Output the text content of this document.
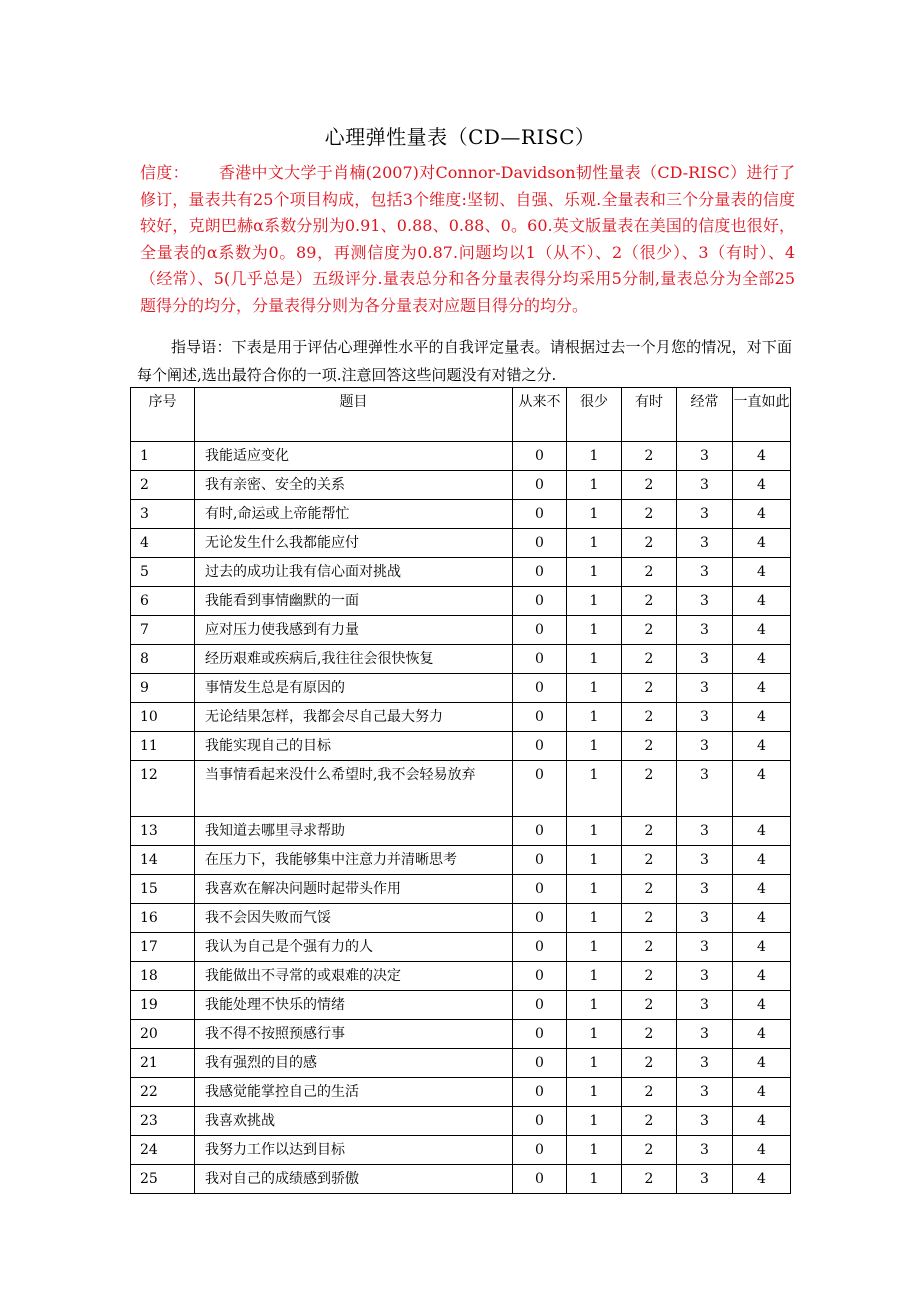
心理弹性量表（CD—RISC）

信度： 香港中文大学于肖楠(2007)对Connor-Davidson韧性量表（CD-RISC）进行了修订，量表共有25个项目构成，包括3个维度:坚韧、自强、乐观.全量表和三个分量表的信度较好，克朗巴赫α系数分别为0.91、0.88、0.88、0。60.英文版量表在美国的信度也很好，全量表的α系数为0。89，再测信度为0.87.问题均以1（从不）、2（很少）、3（有时）、4（经常）、5(几乎总是）五级评分.量表总分和各分量表得分均采用5分制,量表总分为全部25题得分的均分，分量表得分则为各分量表对应题目得分的均分。

指导语：下表是用于评估心理弹性水平的自我评定量表。请根据过去一个月您的情况，对下面每个阐述,选出最符合你的一项.注意回答这些问题没有对错之分.

序号	题目	从来不	很少	有时	经常	一直如此
1	我能适应变化	0	1	2	3	4
2	我有亲密、安全的关系	0	1	2	3	4
3	有时,命运或上帝能帮忙	0	1	2	3	4
4	无论发生什么我都能应付	0	1	2	3	4
5	过去的成功让我有信心面对挑战	0	1	2	3	4
6	我能看到事情幽默的一面	0	1	2	3	4
7	应对压力使我感到有力量	0	1	2	3	4
8	经历艰难或疾病后,我往往会很快恢复	0	1	2	3	4
9	事情发生总是有原因的	0	1	2	3	4
10	无论结果怎样，我都会尽自己最大努力	0	1	2	3	4
11	我能实现自己的目标	0	1	2	3	4
12	当事情看起来没什么希望时,我不会轻易放弃	0	1	2	3	4
13	我知道去哪里寻求帮助	0	1	2	3	4
14	在压力下，我能够集中注意力并清晰思考	0	1	2	3	4
15	我喜欢在解决问题时起带头作用	0	1	2	3	4
16	我不会因失败而气馁	0	1	2	3	4
17	我认为自己是个强有力的人	0	1	2	3	4
18	我能做出不寻常的或艰难的决定	0	1	2	3	4
19	我能处理不快乐的情绪	0	1	2	3	4
20	我不得不按照预感行事	0	1	2	3	4
21	我有强烈的目的感	0	1	2	3	4
22	我感觉能掌控自己的生活	0	1	2	3	4
23	我喜欢挑战	0	1	2	3	4
24	我努力工作以达到目标	0	1	2	3	4
25	我对自己的成绩感到骄傲	0	1	2	3	4
